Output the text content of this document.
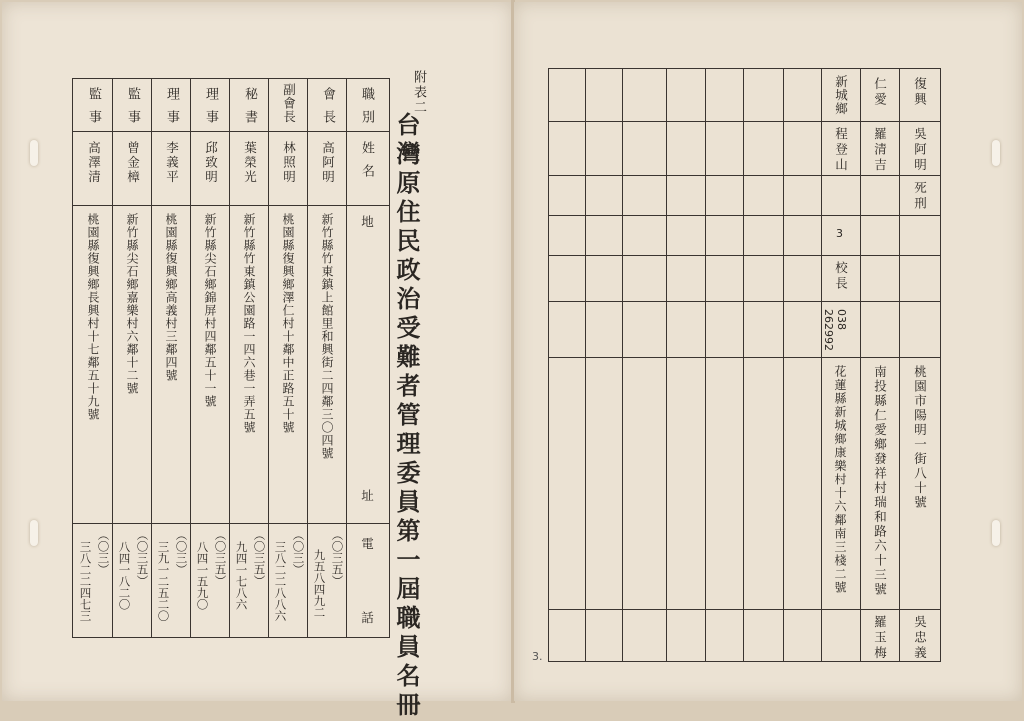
附表二
台灣原住民政治受難者管理委員第一屆職員名冊
職別
姓名
地
址
電
話
會長
高阿明
新竹縣竹東鎮上館里和興街二四鄰三〇四號
（〇三五）
九五八四九二
副會長
林照明
桃園縣復興鄉澤仁村十鄰中正路五十號
（〇三）
三八二二八八六
秘書
葉榮光
新竹縣竹東鎮公園路一四六巷一弄五號
（〇三五）
九四一七八六
理事
邱致明
新竹縣尖石鄉錦屏村四鄰五十一號
（〇三五）
八四一五九〇
理事
李義平
桃園縣復興鄉高義村三鄰四號
（〇三）
三九一二五二〇
監事
曾金樟
新竹縣尖石鄉嘉樂村六鄰十二號
（〇三五）
八四一八二〇
監事
高澤清
桃園縣復興鄉長興村十七鄰五十九號
（〇三）
三八二二四七三
復興
吳阿明
死刑
桃園市陽明一街八十號
吳忠義
仁愛
羅清吉
南投縣仁愛鄉發祥村瑞和路六十三號
羅玉梅
新城鄉
程登山
3
校長
038
262992
花蓮縣新城鄉康樂村十六鄰南三棧二號
3.
